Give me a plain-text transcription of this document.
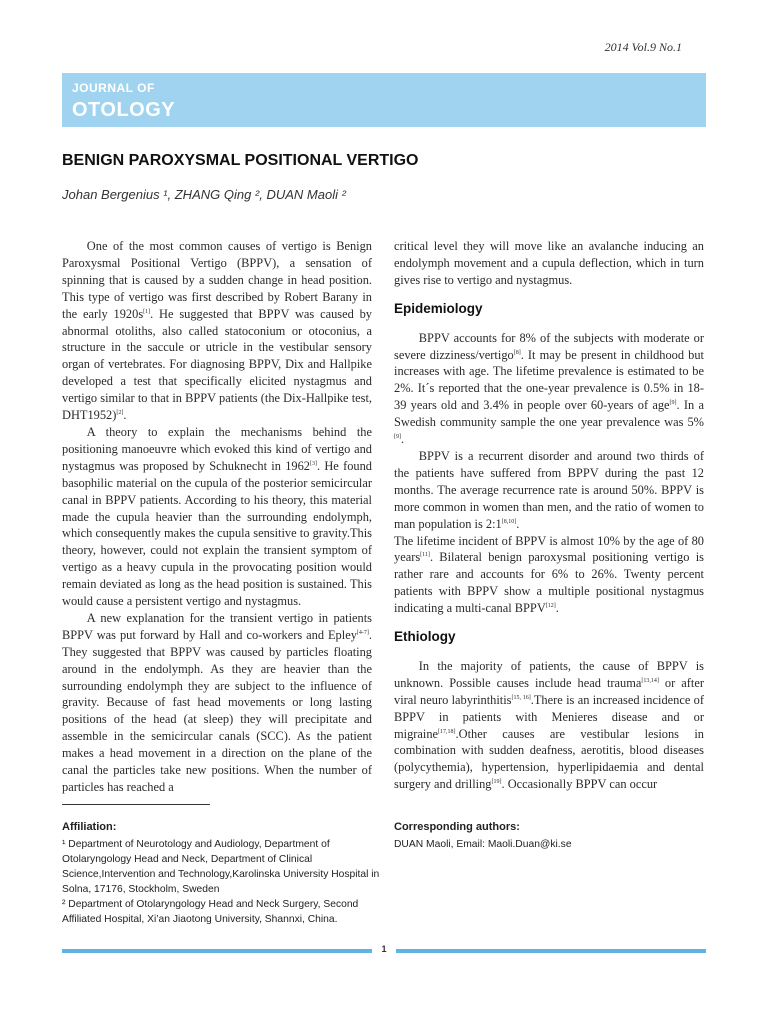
2014 Vol.9 No.1
JOURNAL OF
OTOLOGY
BENIGN PAROXYSMAL POSITIONAL VERTIGO
Johan Bergenius ¹, ZHANG Qing ², DUAN Maoli ²

One of the most common causes of vertigo is Benign Paroxysmal Positional Vertigo (BPPV), a sensation of spinning that is caused by a sudden change in head position. This type of vertigo was first described by Robert Barany in the early 1920s[1]. He suggested that BPPV was caused by abnormal otoliths, also called statoconium or otoconius, a structure in the saccule or utricle in the vestibular sensory organ of vertebrates. For diagnosing BPPV, Dix and Hallpike developed a test that specifically elicited nystagmus and vertigo similar to that in BPPV patients (the Dix-Hallpike test, DHT1952)[2].

A theory to explain the mechanisms behind the positioning manoeuvre which evoked this kind of vertigo and nystagmus was proposed by Schuknecht in 1962[3]. He found basophilic material on the cupula of the posterior semicircular canal in BPPV patients. According to his theory, this material made the cupula heavier than the surrounding endolymph, which consequently makes the cupula sensitive to gravity.This theory, however, could not explain the transient symptom of vertigo as a heavy cupula in the provocating position would remain deviated as long as the head position is sustained. This would cause a persistent vertigo and nystagmus.

A new explanation for the transient vertigo in patients BPPV was put forward by Hall and co-workers and Epley[4-7]. They suggested that BPPV was caused by particles floating around in the endolymph. As they are heavier than the surrounding endolymph they are subject to the influence of gravity. Because of fast head movements or long lasting positions of the head (at sleep) they will precipitate and assemble in the semicircular canals (SCC). As the patient makes a head movement in a direction on the plane of the canal the particles take new positions. When the number of particles has reached a

critical level they will move like an avalanche inducing an endolymph movement and a cupula deflection, which in turn gives rise to vertigo and nystagmus.

Epidemiology

BPPV accounts for 8% of the subjects with moderate or severe dizziness/vertigo[8]. It may be present in childhood but increases with age. The lifetime prevalence is estimated to be 2%. It´s reported that the one-year prevalence is 0.5% in 18-39 years old and 3.4% in people over 60-years of age[9]. In a Swedish community sample the one year prevalence was 5%[9].

BPPV is a recurrent disorder and around two thirds of the patients have suffered from BPPV during the past 12 months. The average recurrence rate is around 50%. BPPV is more common in women than men, and the ratio of women to man population is 2:1[8,10].

The lifetime incident of BPPV is almost 10% by the age of 80 years[11]. Bilateral benign paroxysmal positioning vertigo is rather rare and accounts for 6% to 26%. Twenty percent patients with BPPV show a multiple positional nystagmus indicating a multi-canal BPPV[12].

Ethiology

In the majority of patients, the cause of BPPV is unknown. Possible causes include head trauma[13,14] or after viral neuro labyrinthitis[15, 16].There is an increased incidence of BPPV in patients with Menieres disease and or migraine[17,18].Other causes are vestibular lesions in combination with sudden deafness, aerotitis, blood diseases (polycythemia), hypertension, hyperlipidaemia and dental surgery and drilling[19]. Occasionally BPPV can occur

Affiliation:

¹ Department of Neurotology and Audiology, Department of Otolaryngology Head and Neck, Department of Clinical Science,Intervention and Technology,Karolinska University Hospital in Solna, 17176, Stockholm, Sweden

² Department of Otolaryngology Head and Neck Surgery, Second Affiliated Hospital, Xi’an Jiaotong University, Shannxi, China.

Corresponding authors:

DUAN Maoli, Email: Maoli.Duan@ki.se

1
